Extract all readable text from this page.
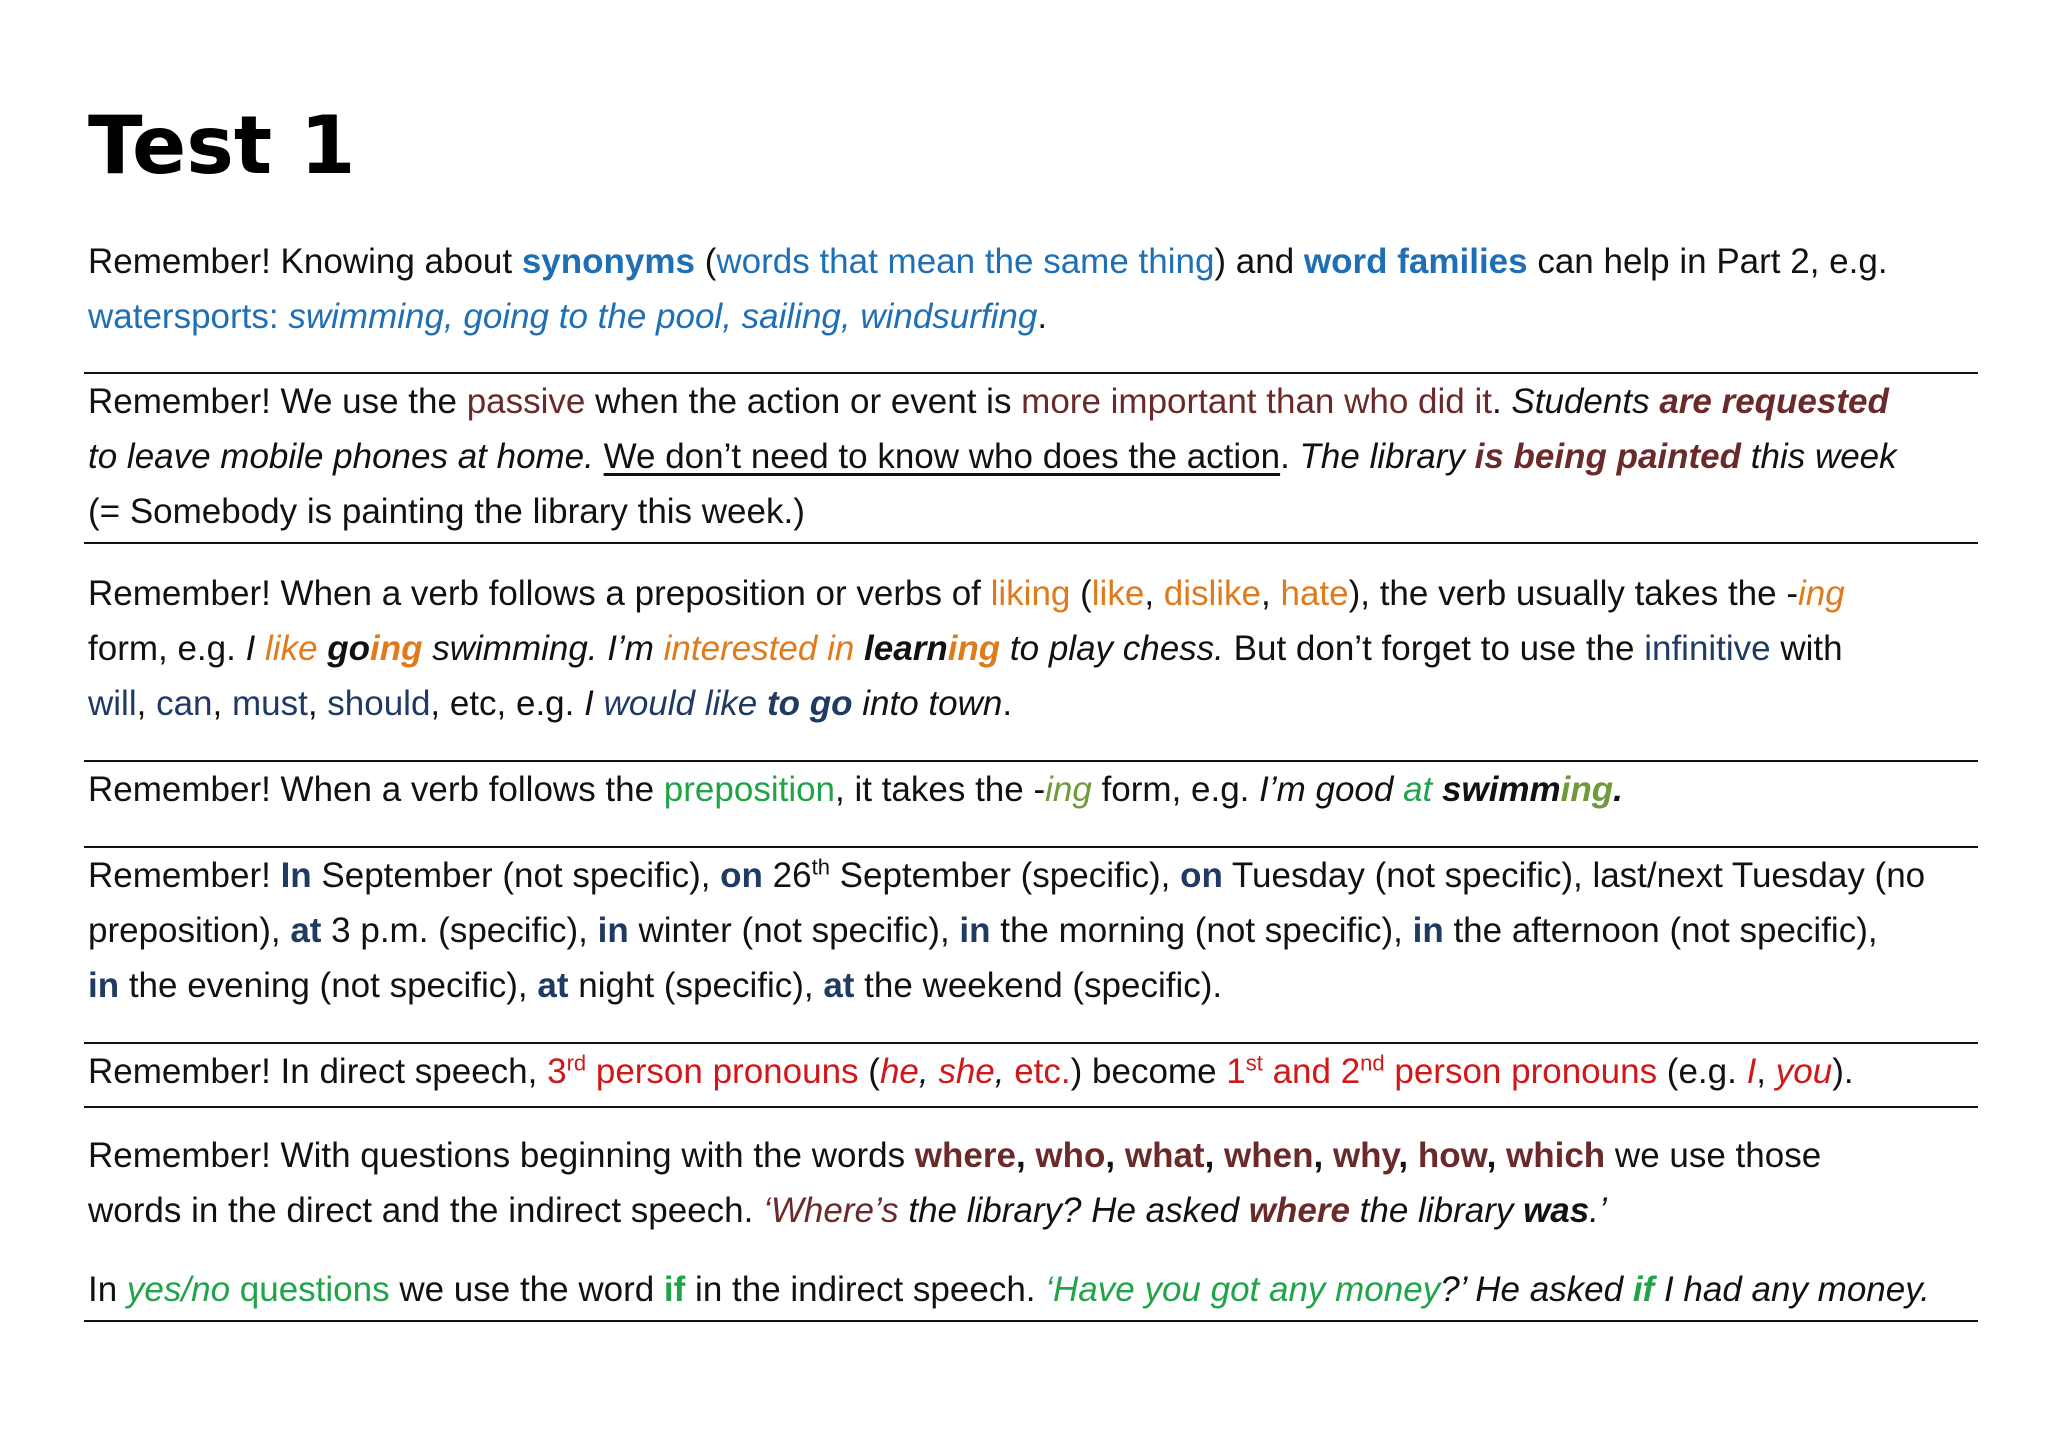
Test 1
Remember! Knowing about synonyms (words that mean the same thing) and word families can help in Part 2, e.g.
watersports: swimming, going to the pool, sailing, windsurfing.
Remember! We use the passive when the action or event is more important than who did it. Students are requested
to leave mobile phones at home. We don’t need to know who does the action. The library is being painted this week
(= Somebody is painting the library this week.)
Remember! When a verb follows a preposition or verbs of liking (like, dislike, hate), the verb usually takes the -ing
form, e.g. I like going swimming. I’m interested in learning to play chess. But don’t forget to use the infinitive with
will, can, must, should, etc, e.g. I would like to go into town.
Remember! When a verb follows the preposition, it takes the -ing form, e.g. I’m good at swimming.
Remember! In September (not specific), on 26th September (specific), on Tuesday (not specific), last/next Tuesday (no
preposition), at 3 p.m. (specific), in winter (not specific), in the morning (not specific), in the afternoon (not specific),
in the evening (not specific), at night (specific), at the weekend (specific).
Remember! In direct speech, 3rd person pronouns (he, she, etc.) become 1st and 2nd person pronouns (e.g. I, you).
Remember! With questions beginning with the words where, who, what, when, why, how, which we use those
words in the direct and the indirect speech. ‘Where’s the library? He asked where the library was.’
In yes/no questions we use the word if in the indirect speech. ‘Have you got any money?’ He asked if I had any money.
